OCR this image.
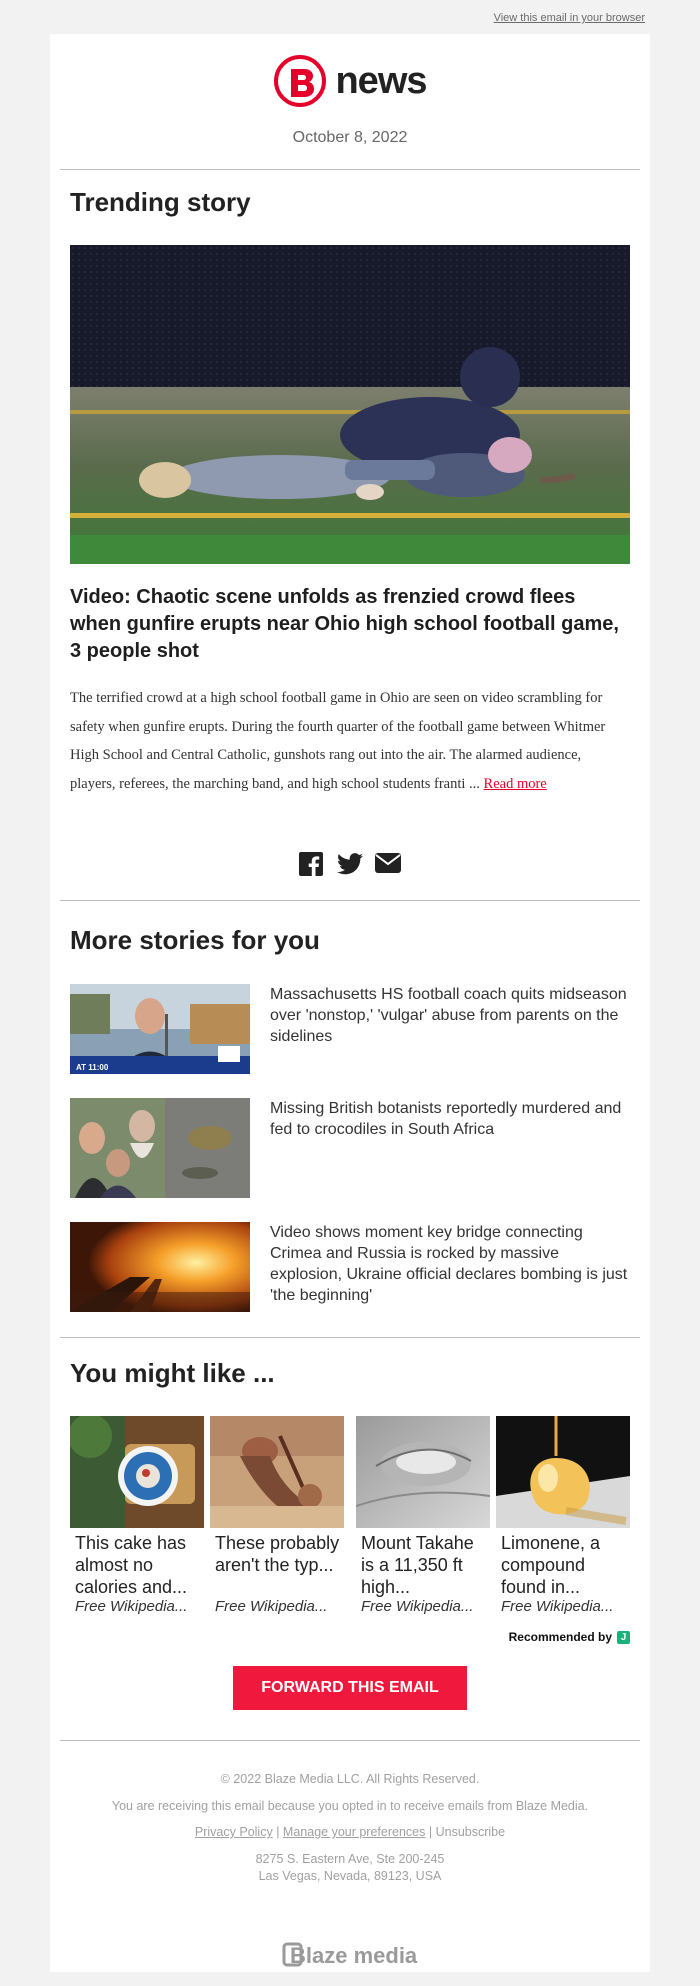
View this email in your browser
news
October 8, 2022
Trending story
Video: Chaotic scene unfolds as frenzied crowd flees when gunfire erupts near Ohio high school football game, 3 people shot
The terrified crowd at a high school football game in Ohio are seen on video scrambling for safety when gunfire erupts. During the fourth quarter of the football game between Whitmer High School and Central Catholic, gunshots rang out into the air. The alarmed audience, players, referees, the marching band, and high school students franti ... Read more
More stories for you
AT 11:00
Massachusetts HS football coach quits midseason over 'nonstop,' 'vulgar' abuse from parents on the sidelines
Missing British botanists reportedly murdered and fed to crocodiles in South Africa
Video shows moment key bridge connecting Crimea and Russia is rocked by massive explosion, Ukraine official declares bombing is just 'the beginning'
You might like ...
This cake has almost no calories and...
Free Wikipedia...
These probably aren't the typ...
Free Wikipedia...
Mount Takahe is a 11,350 ft high...
Free Wikipedia...
Limonene, a compound found in...
Free Wikipedia...
Recommended by J
FORWARD THIS EMAIL
© 2022 Blaze Media LLC. All Rights Reserved.
You are receiving this email because you opted in to receive emails from Blaze Media.
Privacy Policy | Manage your preferences | Unsubscribe
8275 S. Eastern Ave, Ste 200-245
Las Vegas, Nevada, 89123, USA
Blaze media
